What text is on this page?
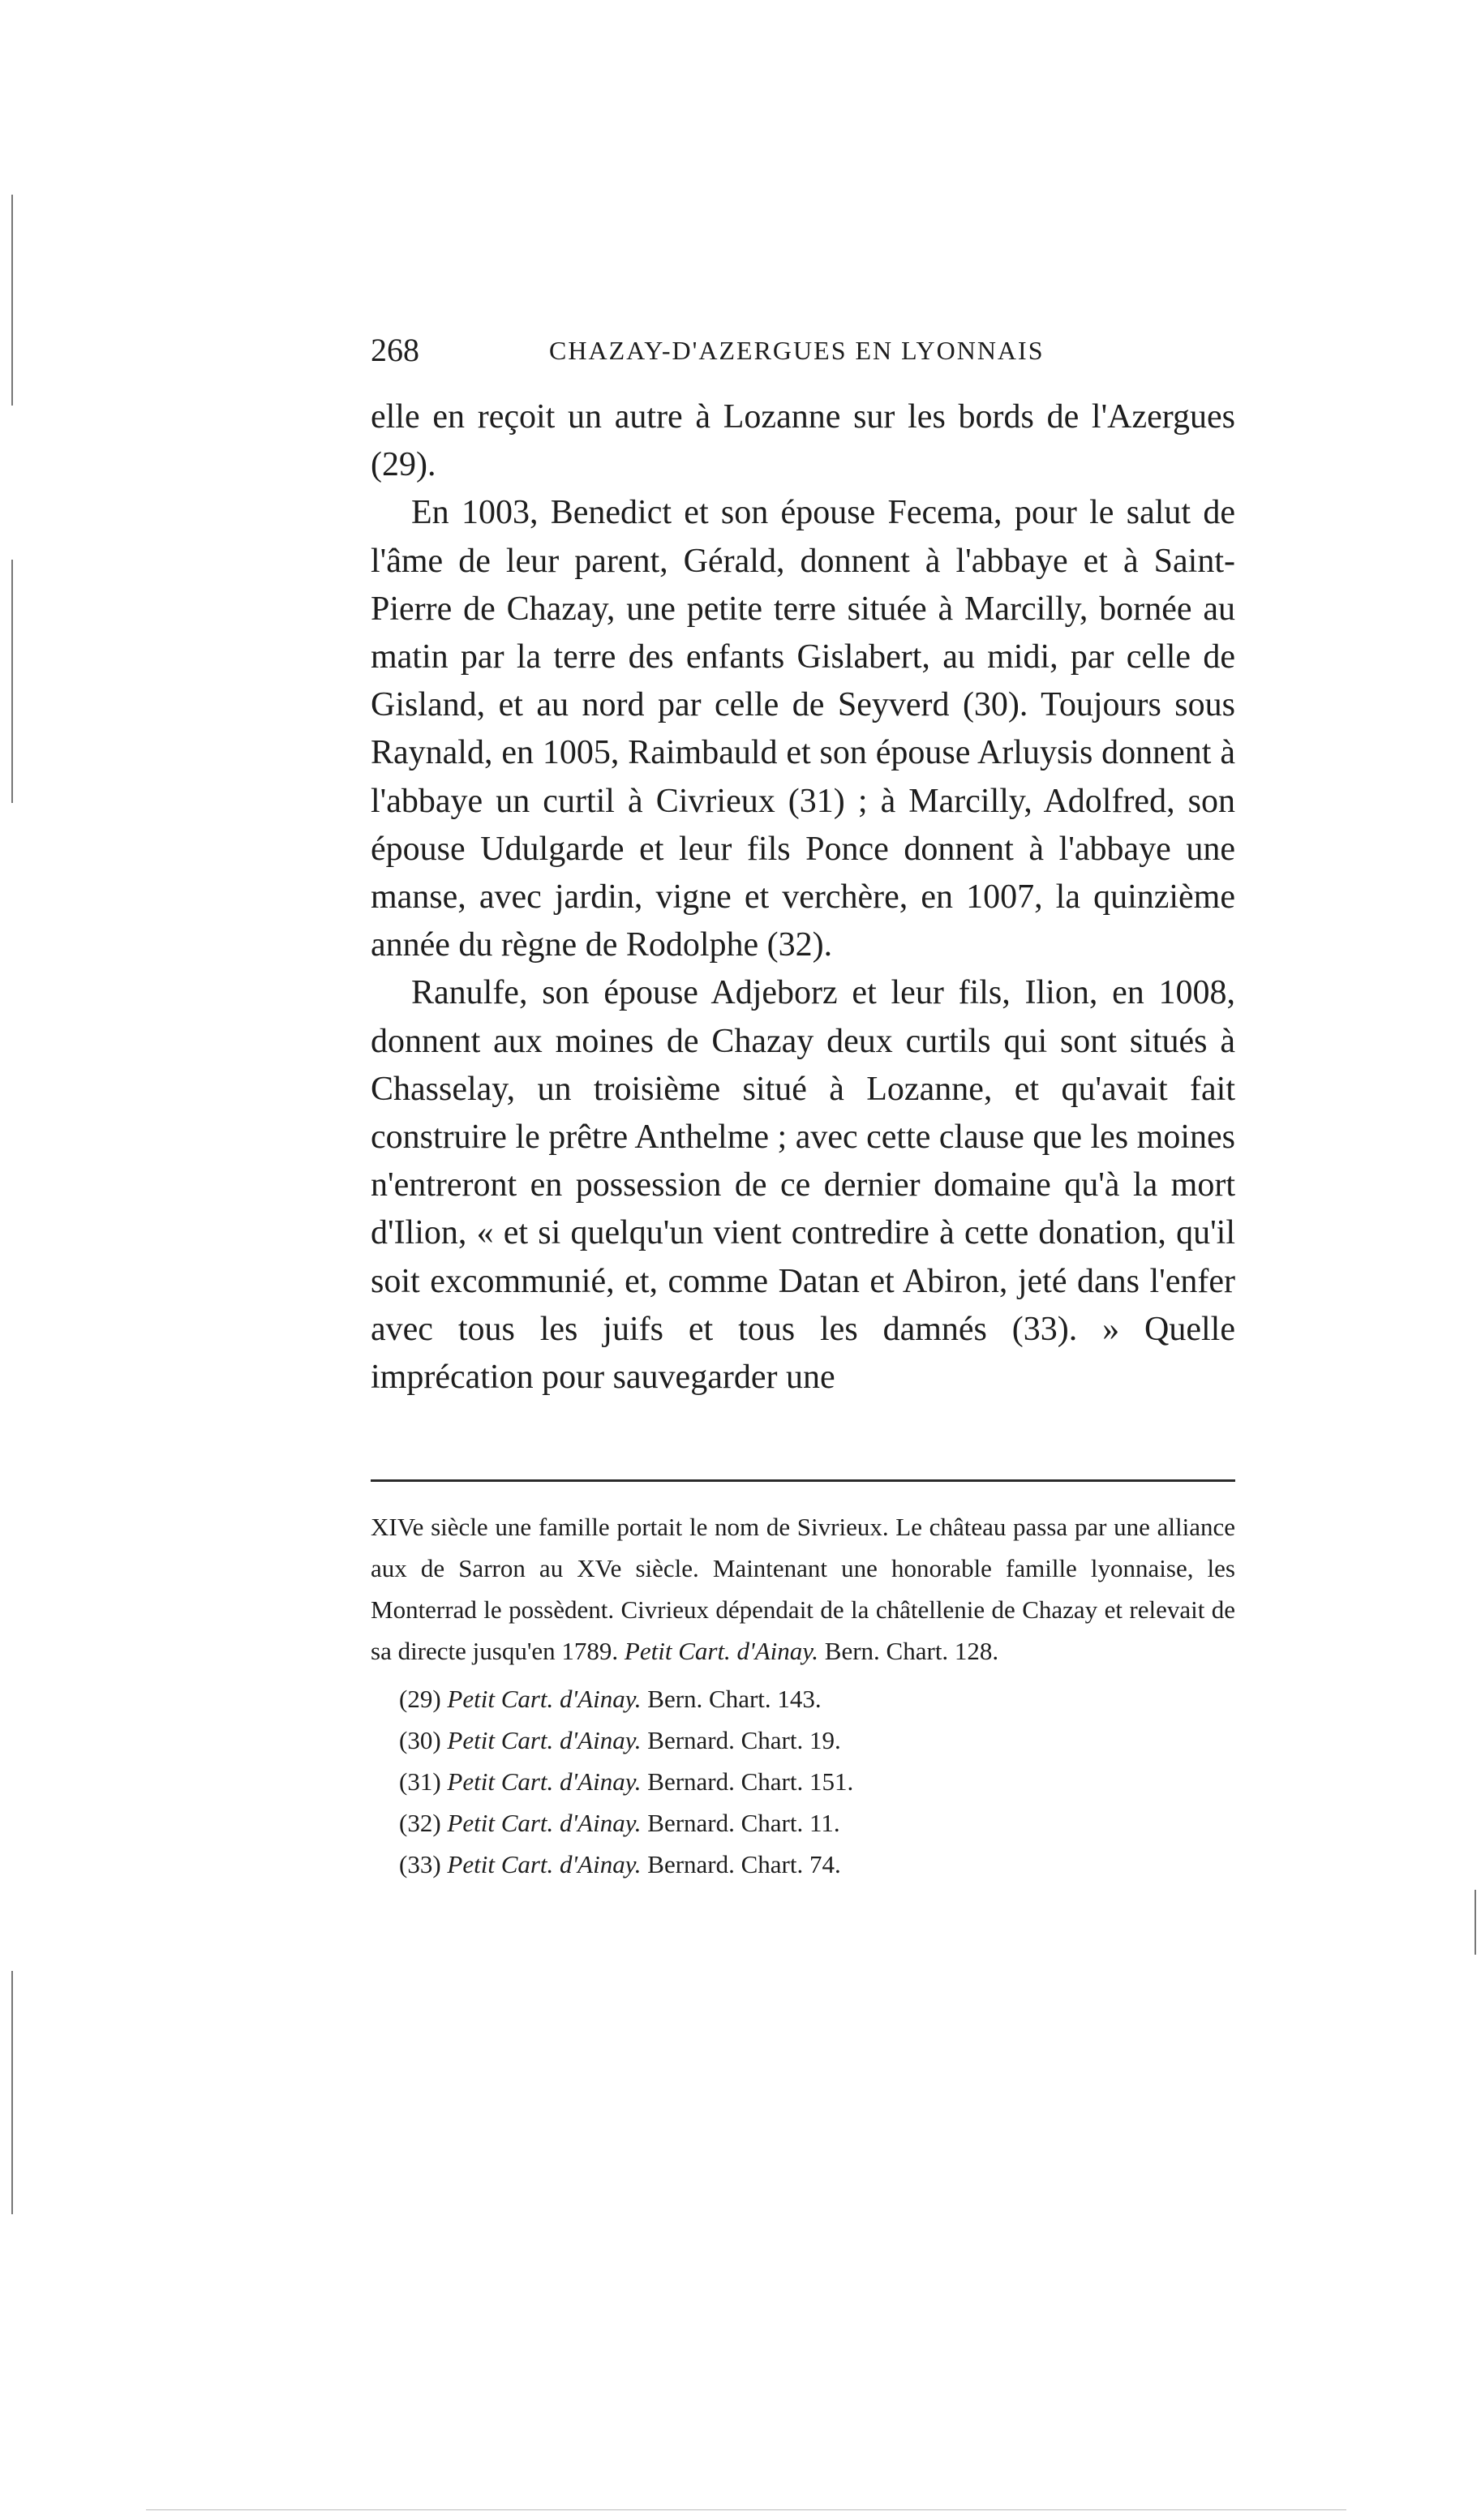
268	CHAZAY-D'AZERGUES EN LYONNAIS

elle en reçoit un autre à Lozanne sur les bords de l'Azergues (29).

En 1003, Benedict et son épouse Fecema, pour le salut de l'âme de leur parent, Gérald, donnent à l'abbaye et à Saint-Pierre de Chazay, une petite terre située à Marcilly, bornée au matin par la terre des enfants Gislabert, au midi, par celle de Gisland, et au nord par celle de Seyverd (30). Toujours sous Raynald, en 1005, Raimbauld et son épouse Arluysis donnent à l'abbaye un curtil à Civrieux (31) ; à Marcilly, Adolfred, son épouse Udulgarde et leur fils Ponce donnent à l'abbaye une manse, avec jardin, vigne et verchère, en 1007, la quinzième année du règne de Rodolphe (32).

Ranulfe, son épouse Adjeborz et leur fils, Ilion, en 1008, donnent aux moines de Chazay deux curtils qui sont situés à Chasselay, un troisième situé à Lozanne, et qu'avait fait construire le prêtre Anthelme ; avec cette clause que les moines n'entreront en possession de ce dernier domaine qu'à la mort d'Ilion, « et si quelqu'un vient contredire à cette donation, qu'il soit excommunié, et, comme Datan et Abiron, jeté dans l'enfer avec tous les juifs et tous les damnés (33). » Quelle imprécation pour sauvegarder une

XIVe siècle une famille portait le nom de Sivrieux. Le château passa par une alliance aux de Sarron au XVe siècle. Maintenant une honorable famille lyonnaise, les Monterrad le possèdent. Civrieux dépendait de la châtellenie de Chazay et relevait de sa directe jusqu'en 1789. Petit Cart. d'Ainay. Bern. Chart. 128.

(29) Petit Cart. d'Ainay. Bern. Chart. 143.
(30) Petit Cart. d'Ainay. Bernard. Chart. 19.
(31) Petit Cart. d'Ainay. Bernard. Chart. 151.
(32) Petit Cart. d'Ainay. Bernard. Chart. 11.
(33) Petit Cart. d'Ainay. Bernard. Chart. 74.
